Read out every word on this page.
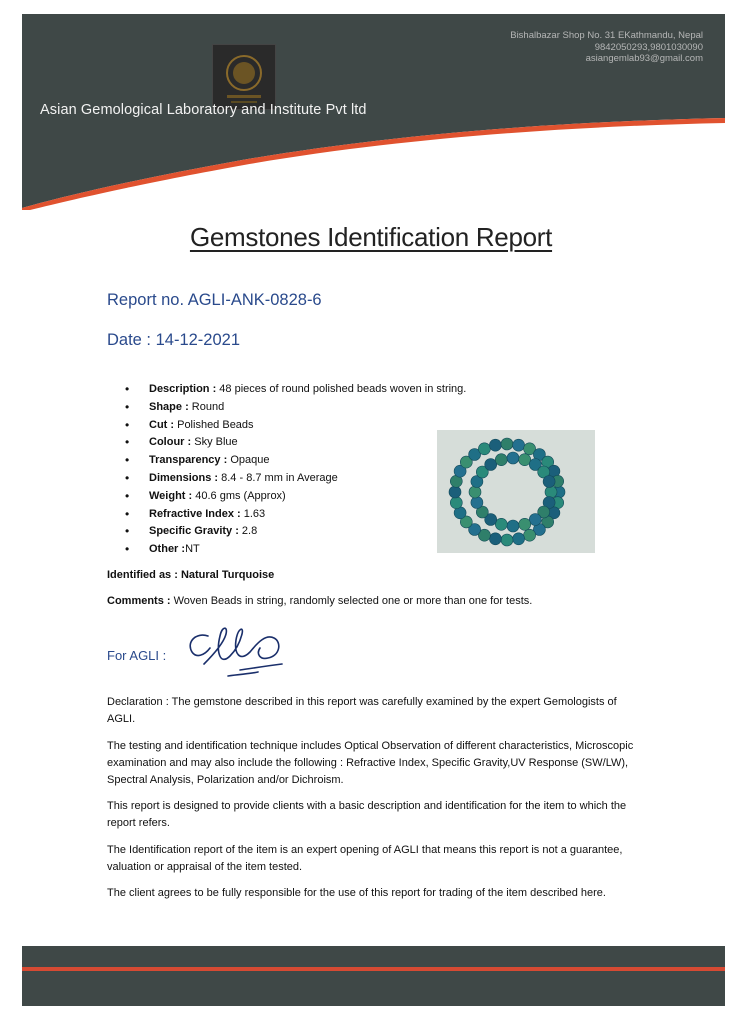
Asian Gemological Laboratory and Institute Pvt ltd
Bishalbazar Shop No. 31 EKathmandu, Nepal
9842050293,9801030090
asiangemlab93@gmail.com
Gemstones Identification Report
Report no. AGLI-ANK-0828-6
Date : 14-12-2021
• Description : 48 pieces of round polished beads woven in string.
• Shape : Round
• Cut : Polished Beads
• Colour : Sky Blue
• Transparency : Opaque
• Dimensions : 8.4 - 8.7 mm in Average
• Weight : 40.6 gms (Approx)
• Refractive Index : 1.63
• Specific Gravity : 2.8
• Other :NT
Identified as : Natural Turquoise
Comments : Woven Beads in string, randomly selected one or more than one for tests.
For AGLI :

Declaration : The gemstone described in this report was carefully examined by the expert Gemologists of AGLI.

The testing and identification technique includes Optical Observation of different characteristics, Microscopic examination and may also include the following : Refractive Index, Specific Gravity,UV Response (SW/LW), Spectral Analysis, Polarization and/or Dichroism.

This report is designed to provide clients with a basic description and identification for the item to which the report refers.

The Identification report of the item is an expert opening of AGLI that means this report is not a guarantee, valuation or appraisal of the item tested.

The client agrees to be fully responsible for the use of this report for trading of the item described here.
